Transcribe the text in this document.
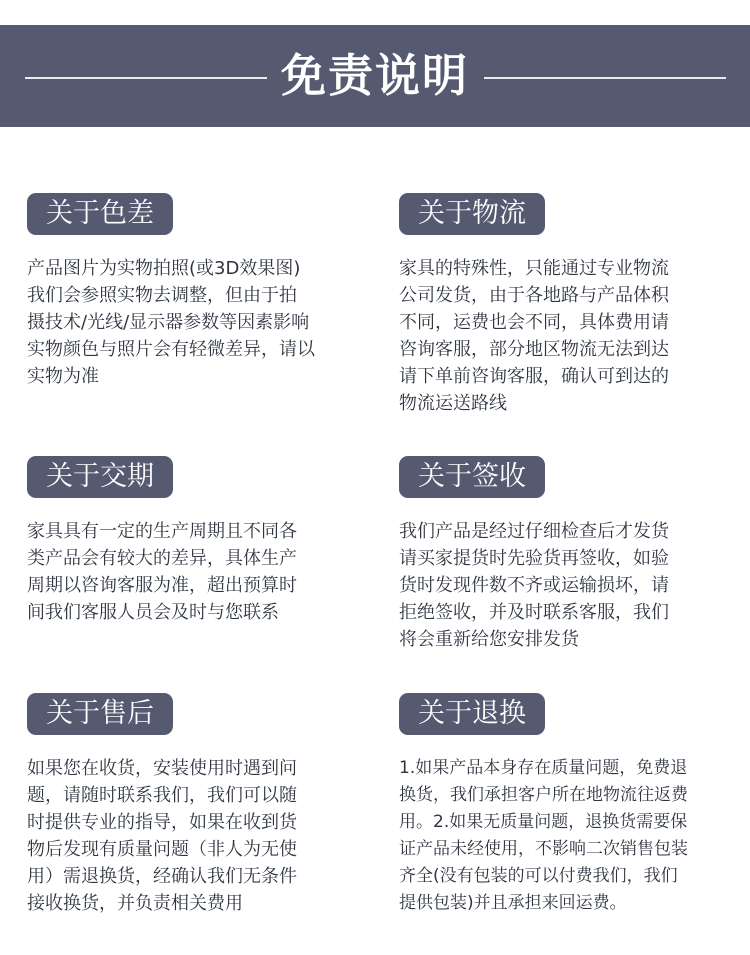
免责说明
关于色差
产品图片为实物拍照(或3D效果图)
我们会参照实物去调整，但由于拍
摄技术/光线/显示器参数等因素影响
实物颜色与照片会有轻微差异，请以
实物为准
关于物流
家具的特殊性，只能通过专业物流
公司发货，由于各地路与产品体积
不同，运费也会不同，具体费用请
咨询客服，部分地区物流无法到达
请下单前咨询客服，确认可到达的
物流运送路线
关于交期
家具具有一定的生产周期且不同各
类产品会有较大的差异，具体生产
周期以咨询客服为准，超出预算时
间我们客服人员会及时与您联系
关于签收
我们产品是经过仔细检查后才发货
请买家提货时先验货再签收，如验
货时发现件数不齐或运输损坏，请
拒绝签收，并及时联系客服，我们
将会重新给您安排发货
关于售后
如果您在收货，安装使用时遇到问
题，请随时联系我们，我们可以随
时提供专业的指导，如果在收到货
物后发现有质量问题（非人为无使
用）需退换货，经确认我们无条件
接收换货，并负责相关费用
关于退换
1.如果产品本身存在质量问题，免费退
换货，我们承担客户所在地物流往返费
用。2.如果无质量问题，退换货需要保
证产品未经使用，不影响二次销售包装
齐全(没有包装的可以付费我们，我们
提供包装)并且承担来回运费。
